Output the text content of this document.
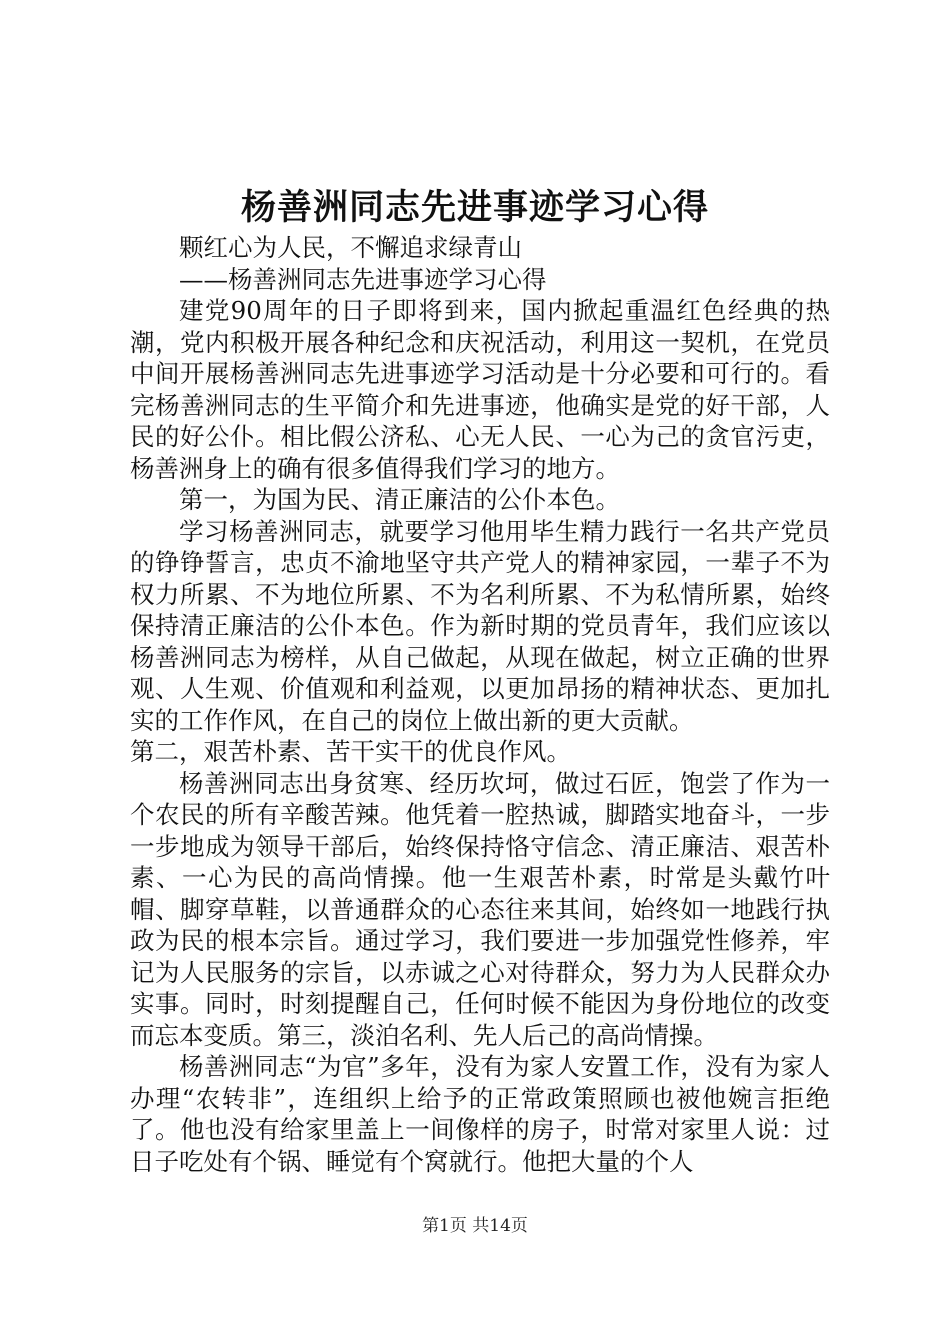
杨善洲同志先进事迹学习心得

颗红心为人民，不懈追求绿青山

——杨善洲同志先进事迹学习心得

建党90周年的日子即将到来，国内掀起重温红色经典的热潮，党内积极开展各种纪念和庆祝活动，利用这一契机，在党员中间开展杨善洲同志先进事迹学习活动是十分必要和可行的。看完杨善洲同志的生平简介和先进事迹，他确实是党的好干部，人民的好公仆。相比假公济私、心无人民、一心为己的贪官污吏，杨善洲身上的确有很多值得我们学习的地方。

第一，为国为民、清正廉洁的公仆本色。

学习杨善洲同志，就要学习他用毕生精力践行一名共产党员的铮铮誓言，忠贞不渝地坚守共产党人的精神家园，一辈子不为权力所累、不为地位所累、不为名利所累、不为私情所累，始终保持清正廉洁的公仆本色。作为新时期的党员青年，我们应该以杨善洲同志为榜样，从自己做起，从现在做起，树立正确的世界观、人生观、价值观和利益观，以更加昂扬的精神状态、更加扎实的工作作风，在自己的岗位上做出新的更大贡献。

第二，艰苦朴素、苦干实干的优良作风。

杨善洲同志出身贫寒、经历坎坷，做过石匠，饱尝了作为一个农民的所有辛酸苦辣。他凭着一腔热诚，脚踏实地奋斗，一步一步地成为领导干部后，始终保持恪守信念、清正廉洁、艰苦朴素、一心为民的高尚情操。他一生艰苦朴素，时常是头戴竹叶帽、脚穿草鞋，以普通群众的心态往来其间，始终如一地践行执政为民的根本宗旨。通过学习，我们要进一步加强党性修养，牢记为人民服务的宗旨，以赤诚之心对待群众，努力为人民群众办实事。同时，时刻提醒自己，任何时候不能因为身份地位的改变而忘本变质。第三，淡泊名利、先人后己的高尚情操。

杨善洲同志“为官”多年，没有为家人安置工作，没有为家人办理“农转非”，连组织上给予的正常政策照顾也被他婉言拒绝了。他也没有给家里盖上一间像样的房子，时常对家里人说：过日子吃处有个锅、睡觉有个窝就行。他把大量的个人

第1页 共14页
